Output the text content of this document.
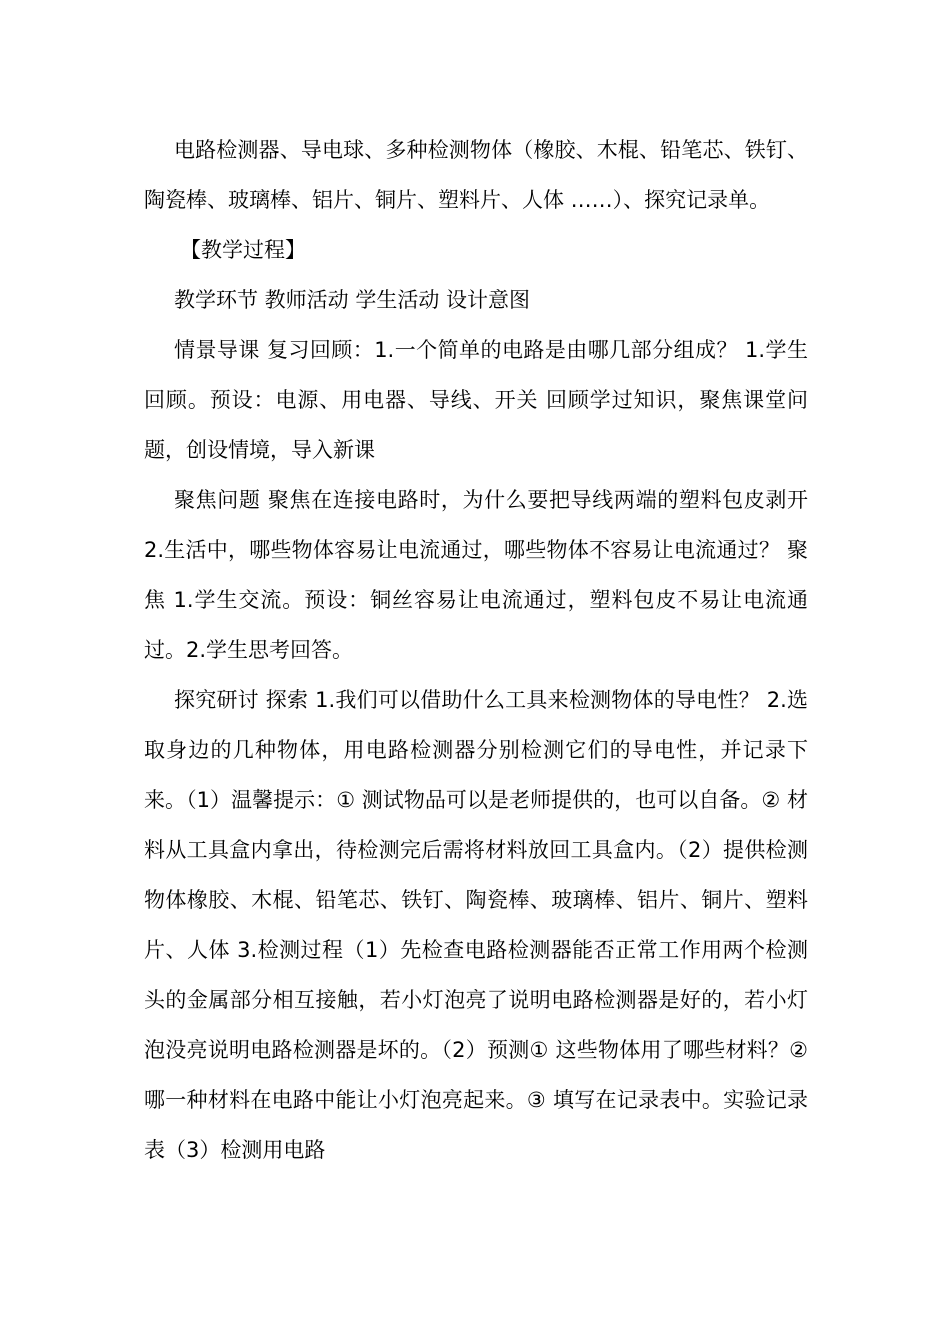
电路检测器、导电球、多种检测物体（橡胶、木棍、铅笔芯、铁钉、陶瓷棒、玻璃棒、铝片、铜片、塑料片、人体 ……）、探究记录单。

【教学过程】

教学环节 教师活动 学生活动 设计意图

情景导课 复习回顾：1.一个简单的电路是由哪几部分组成？ 1.学生回顾。预设：电源、用电器、导线、开关 回顾学过知识，聚焦课堂问题，创设情境，导入新课

聚焦问题 聚焦在连接电路时，为什么要把导线两端的塑料包皮剥开 2.生活中，哪些物体容易让电流通过，哪些物体不容易让电流通过？ 聚焦 1.学生交流。预设：铜丝容易让电流通过，塑料包皮不易让电流通过。2.学生思考回答。

探究研讨 探索 1.我们可以借助什么工具来检测物体的导电性？ 2.选取身边的几种物体，用电路检测器分别检测它们的导电性，并记录下来。（1）温馨提示：① 测试物品可以是老师提供的，也可以自备。② 材料从工具盒内拿出，待检测完后需将材料放回工具盒内。（2）提供检测物体橡胶、木棍、铅笔芯、铁钉、陶瓷棒、玻璃棒、铝片、铜片、塑料片、人体 3.检测过程（1）先检查电路检测器能否正常工作用两个检测头的金属部分相互接触，若小灯泡亮了说明电路检测器是好的，若小灯泡没亮说明电路检测器是坏的。（2）预测① 这些物体用了哪些材料？② 哪一种材料在电路中能让小灯泡亮起来。③ 填写在记录表中。实验记录表（3）检测用电路
